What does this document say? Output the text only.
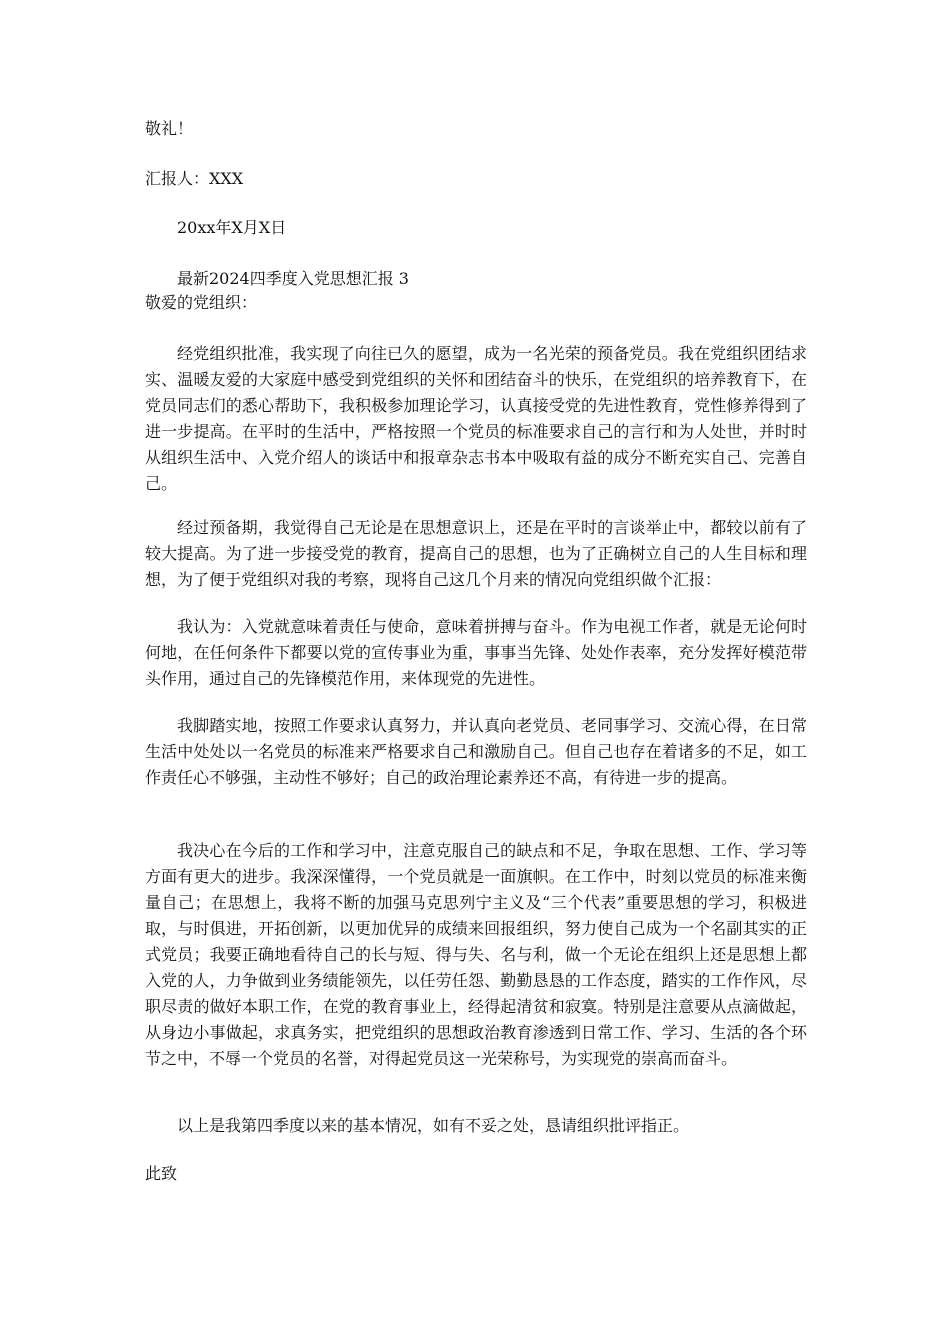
敬礼！
汇报人：XXX
20xx年X月X日
最新2024四季度入党思想汇报 3
敬爱的党组织：

经党组织批准，我实现了向往已久的愿望，成为一名光荣的预备党员。我在党组织团结求实、温暖友爱的大家庭中感受到党组织的关怀和团结奋斗的快乐，在党组织的培养教育下，在党员同志们的悉心帮助下，我积极参加理论学习，认真接受党的先进性教育，党性修养得到了进一步提高。在平时的生活中，严格按照一个党员的标准要求自己的言行和为人处世，并时时从组织生活中、入党介绍人的谈话中和报章杂志书本中吸取有益的成分不断充实自己、完善自己。

经过预备期，我觉得自己无论是在思想意识上，还是在平时的言谈举止中，都较以前有了较大提高。为了进一步接受党的教育，提高自己的思想，也为了正确树立自己的人生目标和理想，为了便于党组织对我的考察，现将自己这几个月来的情况向党组织做个汇报：

我认为：入党就意味着责任与使命，意味着拼搏与奋斗。作为电视工作者，就是无论何时何地，在任何条件下都要以党的宣传事业为重，事事当先锋、处处作表率，充分发挥好模范带头作用，通过自己的先锋模范作用，来体现党的先进性。

我脚踏实地，按照工作要求认真努力，并认真向老党员、老同事学习、交流心得，在日常生活中处处以一名党员的标准来严格要求自己和激励自己。但自己也存在着诸多的不足，如工作责任心不够强，主动性不够好；自己的政治理论素养还不高，有待进一步的提高。

我决心在今后的工作和学习中，注意克服自己的缺点和不足，争取在思想、工作、学习等方面有更大的进步。我深深懂得，一个党员就是一面旗帜。在工作中，时刻以党员的标准来衡量自己；在思想上，我将不断的加强马克思列宁主义及“三个代表”重要思想的学习，积极进取，与时俱进，开拓创新，以更加优异的成绩来回报组织，努力使自己成为一个名副其实的正式党员；我要正确地看待自己的长与短、得与失、名与利，做一个无论在组织上还是思想上都入党的人，力争做到业务绩能领先，以任劳任怨、勤勤恳恳的工作态度，踏实的工作作风，尽职尽责的做好本职工作，在党的教育事业上，经得起清贫和寂寞。特别是注意要从点滴做起，从身边小事做起，求真务实，把党组织的思想政治教育渗透到日常工作、学习、生活的各个环节之中，不辱一个党员的名誉，对得起党员这一光荣称号，为实现党的崇高而奋斗。

以上是我第四季度以来的基本情况，如有不妥之处，恳请组织批评指正。

此致
